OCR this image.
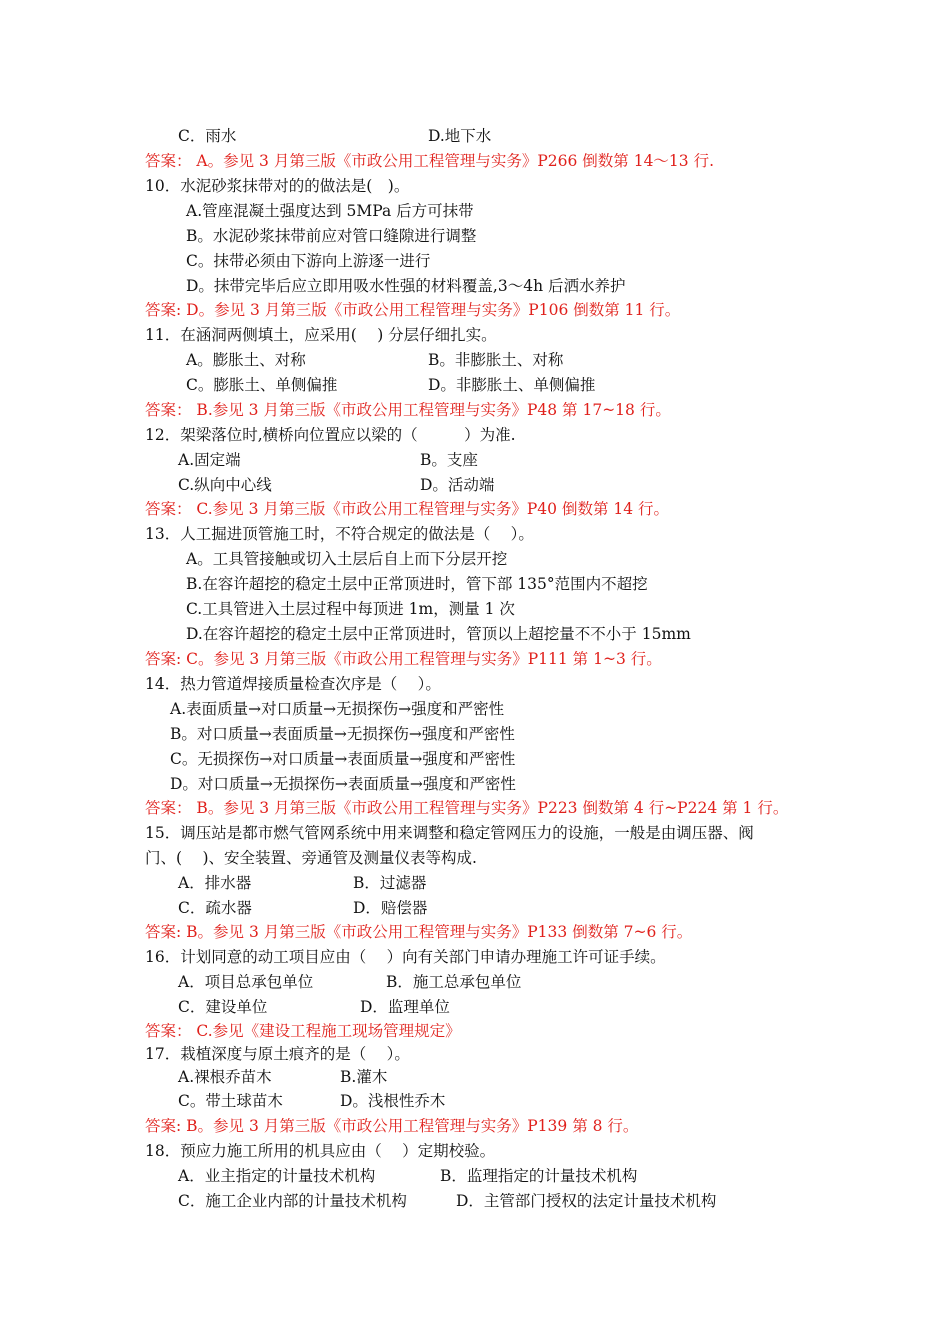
C．雨水	D.地下水
答案： A。参见 3 月第三版《市政公用工程管理与实务》P266 倒数第 14～13 行.
10．水泥砂浆抹带对的的做法是(　)。
A.管座混凝土强度达到 5MPa 后方可抹带
B。水泥砂浆抹带前应对管口缝隙进行调整
C。抹带必须由下游向上游逐一进行
D。抹带完毕后应立即用吸水性强的材料覆盖,3～4h 后洒水养护
答案: D。参见 3 月第三版《市政公用工程管理与实务》P106 倒数第 11 行。
11．在涵洞两侧填土，应采用(　 ) 分层仔细扎实。
A。膨胀土、对称	B。非膨胀土、对称
C。膨胀土、单侧偏推	D。非膨胀土、单侧偏推
答案： B.参见 3 月第三版《市政公用工程管理与实务》P48 第 17~18 行。
12．架梁落位时,横桥向位置应以梁的（　　　）为准.
A.固定端	B。支座
C.纵向中心线	D。活动端
答案： C.参见 3 月第三版《市政公用工程管理与实务》P40 倒数第 14 行。
13．人工掘进顶管施工时，不符合规定的做法是（　 ）。
A。工具管接触或切入土层后自上而下分层开挖
B.在容许超挖的稳定土层中正常顶进时，管下部 135°范围内不超挖
C.工具管进入土层过程中每顶进 1m，测量 1 次
D.在容许超挖的稳定土层中正常顶进时，管顶以上超挖量不不小于 15mm
答案: C。参见 3 月第三版《市政公用工程管理与实务》P111 第 1~3 行。
14．热力管道焊接质量检查次序是（　 ）。
A.表面质量→对口质量→无损探伤→强度和严密性
B。对口质量→表面质量→无损探伤→强度和严密性
C。无损探伤→对口质量→表面质量→强度和严密性
D。对口质量→无损探伤→表面质量→强度和严密性
答案： B。参见 3 月第三版《市政公用工程管理与实务》P223 倒数第 4 行~P224 第 1 行。
15．调压站是都市燃气管网系统中用来调整和稳定管网压力的设施，一般是由调压器、阀
门、(　 )、安全装置、旁通管及测量仪表等构成.
A．排水器	B．过滤器
C．疏水器	D．赔偿器
答案: B。参见 3 月第三版《市政公用工程管理与实务》P133 倒数第 7~6 行。
16．计划同意的动工项目应由（　 ）向有关部门申请办理施工许可证手续。
A．项目总承包单位	B．施工总承包单位
C．建设单位	D．监理单位
答案： C.参见《建设工程施工现场管理规定》
17．栽植深度与原土痕齐的是（　 ）。
A.裸根乔苗木	B.灌木
C。带土球苗木	D。浅根性乔木
答案: B。参见 3 月第三版《市政公用工程管理与实务》P139 第 8 行。
18．预应力施工所用的机具应由（　 ）定期校验。
A．业主指定的计量技术机构	B．监理指定的计量技术机构
C．施工企业内部的计量技术机构	D．主管部门授权的法定计量技术机构
